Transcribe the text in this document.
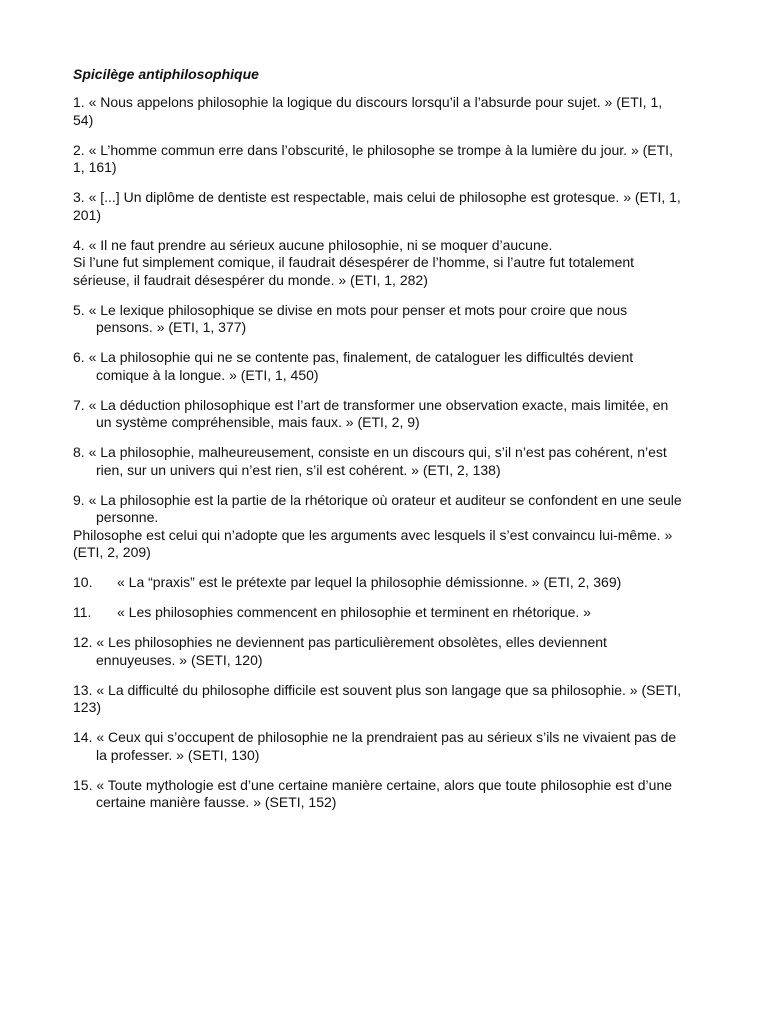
Spicilège antiphilosophique
1. « Nous appelons philosophie la logique du discours lorsqu’il a l’absurde pour sujet. » (ETI, 1,
54)
2. « L’homme commun erre dans l’obscurité, le philosophe se trompe à la lumière du jour. » (ETI,
1, 161)
3. « [...] Un diplôme de dentiste est respectable, mais celui de philosophe est grotesque. » (ETI, 1,
201)
4. « Il ne faut prendre au sérieux aucune philosophie, ni se moquer d’aucune.
Si l’une fut simplement comique, il faudrait désespérer de l’homme, si l’autre fut totalement
sérieuse, il faudrait désespérer du monde. » (ETI, 1, 282)
5. « Le lexique philosophique se divise en mots pour penser et mots pour croire que nous
pensons. » (ETI, 1, 377)
6. « La philosophie qui ne se contente pas, finalement, de cataloguer les difficultés devient
comique à la longue. » (ETI, 1, 450)
7. « La déduction philosophique est l’art de transformer une observation exacte, mais limitée, en
un système compréhensible, mais faux. » (ETI, 2, 9)
8. « La philosophie, malheureusement, consiste en un discours qui, s’il n’est pas cohérent, n’est
rien, sur un univers qui n’est rien, s’il est cohérent. » (ETI, 2, 138)
9. « La philosophie est la partie de la rhétorique où orateur et auditeur se confondent en une seule
personne.
Philosophe est celui qui n’adopte que les arguments avec lesquels il s’est convaincu lui-même. »
(ETI, 2, 209)
10. « La “praxis” est le prétexte par lequel la philosophie démissionne. » (ETI, 2, 369)
11. « Les philosophies commencent en philosophie et terminent en rhétorique. »
12. « Les philosophies ne deviennent pas particulièrement obsolètes, elles deviennent
ennuyeuses. » (SETI, 120)
13. « La difficulté du philosophe difficile est souvent plus son langage que sa philosophie. » (SETI,
123)
14. « Ceux qui s’occupent de philosophie ne la prendraient pas au sérieux s’ils ne vivaient pas de
la professer. » (SETI, 130)
15. « Toute mythologie est d’une certaine manière certaine, alors que toute philosophie est d’une
certaine manière fausse. » (SETI, 152)
